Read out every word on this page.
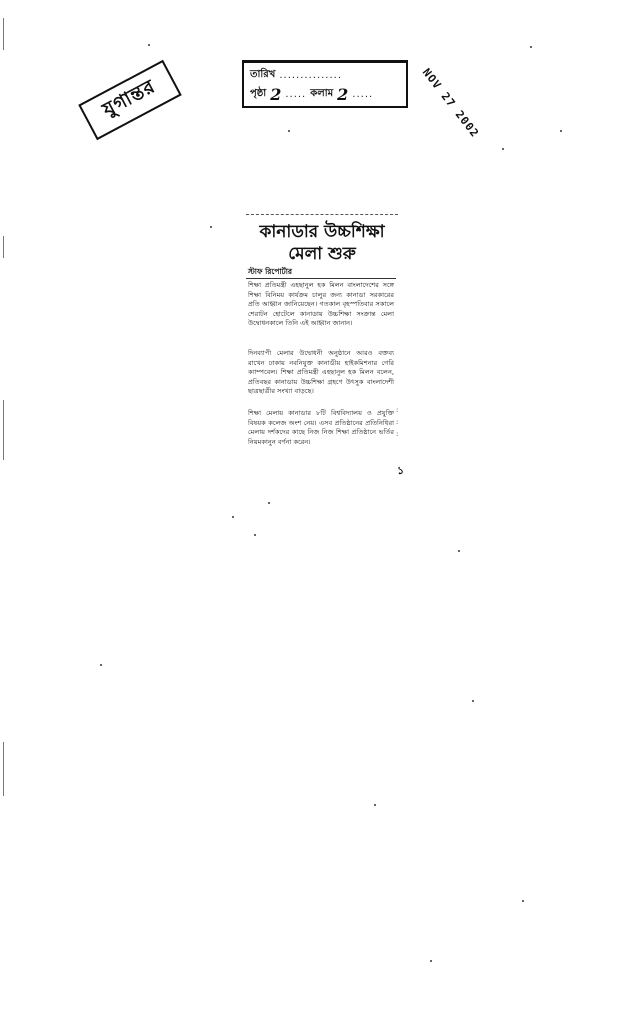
যুগান্তর
তারিখ ...............
পৃষ্ঠা 2 ..... কলাম 2 .....	NOV 27 2002
কানাডার উচ্চশিক্ষা
মেলা শুরু
স্টাফ রিপোর্টার
শিক্ষা প্রতিমন্ত্রী এহছানুল হক মিলন বাংলাদেশের সঙ্গে শিক্ষা বিনিময় কার্যক্রম চালুর জন্য কানাডা সরকারের প্রতি আহ্বান জানিয়েছেন। গতকাল বৃহস্পতিবার সকালে শেরাটন হোটেলে কানাডায় উচ্চশিক্ষা সংক্রান্ত মেলা উদ্বোধনকালে তিনি এই আহ্বান জানান।
দিনব্যাপী মেলার উদ্বোধনী অনুষ্ঠানে আরও বক্তব্য রাখেন ঢাকায় নবনিযুক্ত কানাডীয় হাইকমিশনার গেরি ক্যাম্পবেল। শিক্ষা প্রতিমন্ত্রী এহছানুল হক মিলন বলেন, প্রতিবছর কানাডায় উচ্চশিক্ষা গ্রহণে উৎসুক বাংলাদেশী ছাত্রছাত্রীর সংখ্যা বাড়ছে।
শিক্ষা মেলায় কানাডার ৮টি বিশ্ববিদ্যালয় ও প্রযুক্তি বিষয়ক কলেজ অংশ নেয়। এসব প্রতিষ্ঠানের প্রতিনিধিরা মেলায় দর্শকদের কাছে নিজ নিজ শিক্ষা প্রতিষ্ঠানে ভর্তির নিয়মকানুন বর্ণনা করেন।
:
:
:
১
